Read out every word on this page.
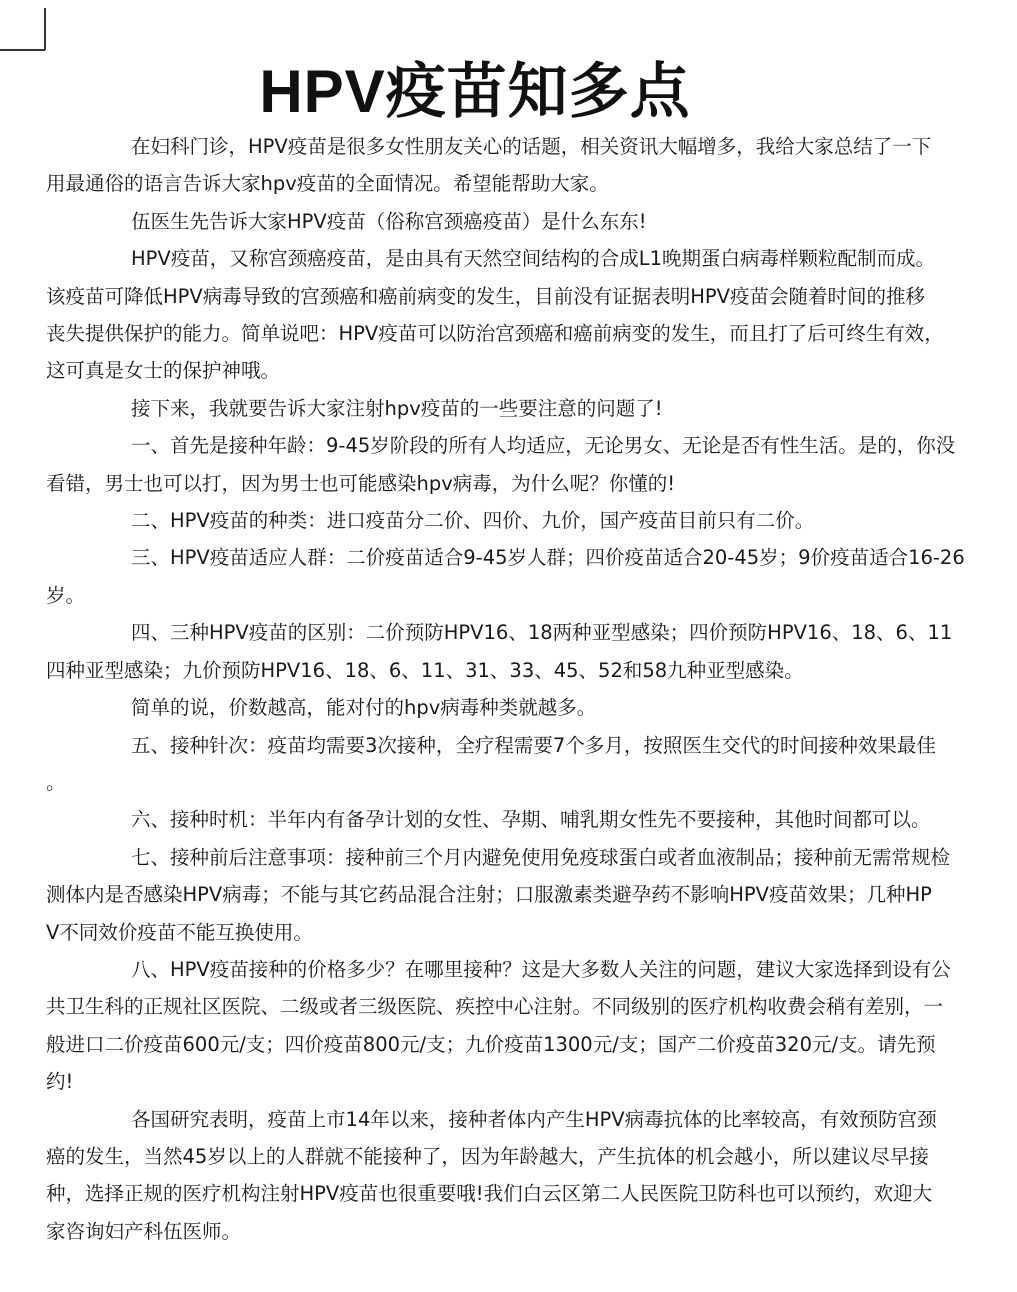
HPV疫苗知多点
在妇科门诊，HPV疫苗是很多女性朋友关心的话题，相关资讯大幅增多，我给大家总结了一下
用最通俗的语言告诉大家hpv疫苗的全面情况。希望能帮助大家。
伍医生先告诉大家HPV疫苗（俗称宫颈癌疫苗）是什么东东!
HPV疫苗，又称宫颈癌疫苗，是由具有天然空间结构的合成L1晚期蛋白病毒样颗粒配制而成。
该疫苗可降低HPV病毒导致的宫颈癌和癌前病变的发生，目前没有证据表明HPV疫苗会随着时间的推移
丧失提供保护的能力。简单说吧：HPV疫苗可以防治宫颈癌和癌前病变的发生，而且打了后可终生有效，
这可真是女士的保护神哦。
接下来，我就要告诉大家注射hpv疫苗的一些要注意的问题了!
一、首先是接种年龄：9-45岁阶段的所有人均适应，无论男女、无论是否有性生活。是的，你没
看错，男士也可以打，因为男士也可能感染hpv病毒，为什么呢？你懂的!
二、HPV疫苗的种类：进口疫苗分二价、四价、九价，国产疫苗目前只有二价。
三、HPV疫苗适应人群：二价疫苗适合9-45岁人群；四价疫苗适合20-45岁；9价疫苗适合16-26
岁。
四、三种HPV疫苗的区别：二价预防HPV16、18两种亚型感染；四价预防HPV16、18、6、11
四种亚型感染；九价预防HPV16、18、6、11、31、33、45、52和58九种亚型感染。
简单的说，价数越高，能对付的hpv病毒种类就越多。
五、接种针次：疫苗均需要3次接种，全疗程需要7个多月，按照医生交代的时间接种效果最佳
。
六、接种时机：半年内有备孕计划的女性、孕期、哺乳期女性先不要接种，其他时间都可以。
七、接种前后注意事项：接种前三个月内避免使用免疫球蛋白或者血液制品；接种前无需常规检
测体内是否感染HPV病毒；不能与其它药品混合注射；口服激素类避孕药不影响HPV疫苗效果；几种HP
V不同效价疫苗不能互换使用。
八、HPV疫苗接种的价格多少？在哪里接种？这是大多数人关注的问题，建议大家选择到设有公
共卫生科的正规社区医院、二级或者三级医院、疾控中心注射。不同级别的医疗机构收费会稍有差别，一
般进口二价疫苗600元/支；四价疫苗800元/支；九价疫苗1300元/支；国产二价疫苗320元/支。请先预
约!
各国研究表明，疫苗上市14年以来，接种者体内产生HPV病毒抗体的比率较高，有效预防宫颈
癌的发生，当然45岁以上的人群就不能接种了，因为年龄越大，产生抗体的机会越小，所以建议尽早接
种，选择正规的医疗机构注射HPV疫苗也很重要哦!我们白云区第二人民医院卫防科也可以预约，欢迎大
家咨询妇产科伍医师。
